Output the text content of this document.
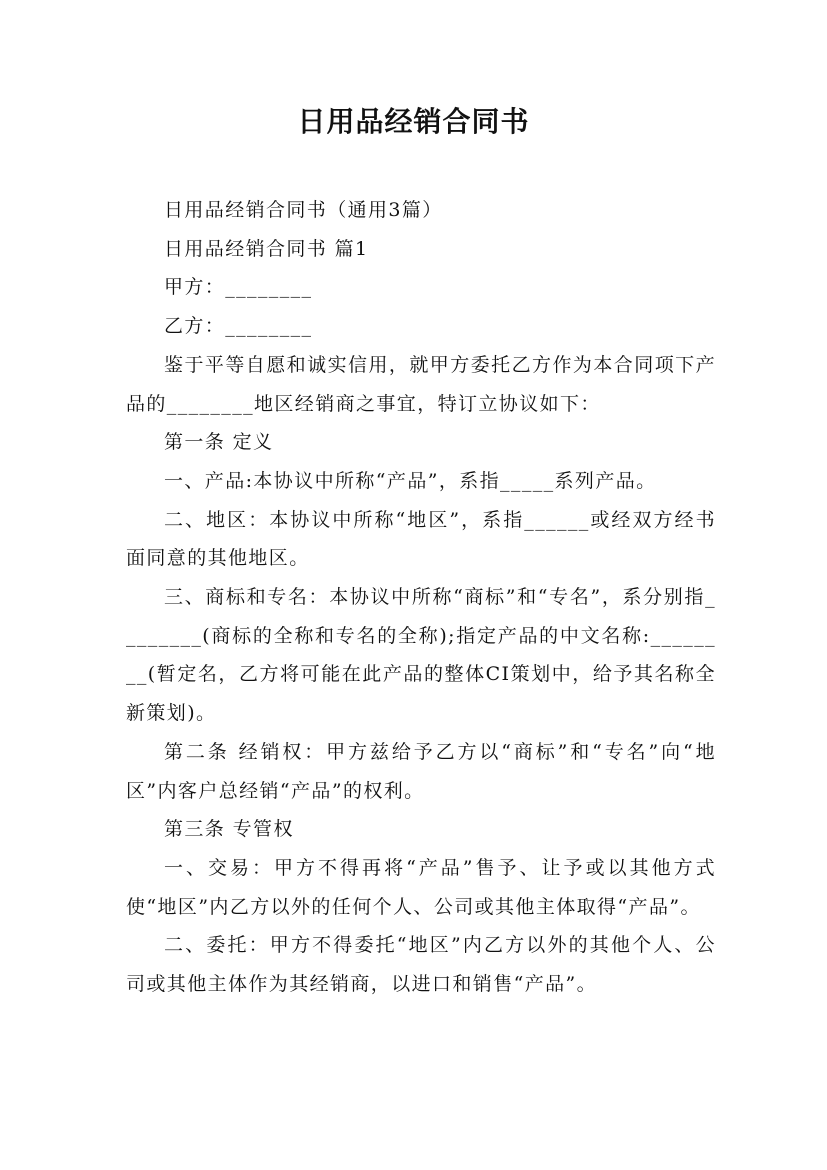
日用品经销合同书

日用品经销合同书（通用3篇）

日用品经销合同书 篇1

甲方：________

乙方：________

鉴于平等自愿和诚实信用，就甲方委托乙方作为本合同项下产品的________地区经销商之事宜，特订立协议如下：

第一条 定义

一、产品:本协议中所称“产品”，系指_____系列产品。

二、地区：本协议中所称“地区”，系指______或经双方经书面同意的其他地区。

三、商标和专名：本协议中所称“商标”和“专名”，系分别指________(商标的全称和专名的全称);指定产品的中文名称:________(暂定名，乙方将可能在此产品的整体CI策划中，给予其名称全新策划)。

第二条 经销权：甲方兹给予乙方以“商标”和“专名”向“地区”内客户总经销“产品”的权利。

第三条 专管权

一、交易：甲方不得再将“产品”售予、让予或以其他方式使“地区”内乙方以外的任何个人、公司或其他主体取得“产品”。

二、委托：甲方不得委托“地区”内乙方以外的其他个人、公司或其他主体作为其经销商，以进口和销售“产品”。
